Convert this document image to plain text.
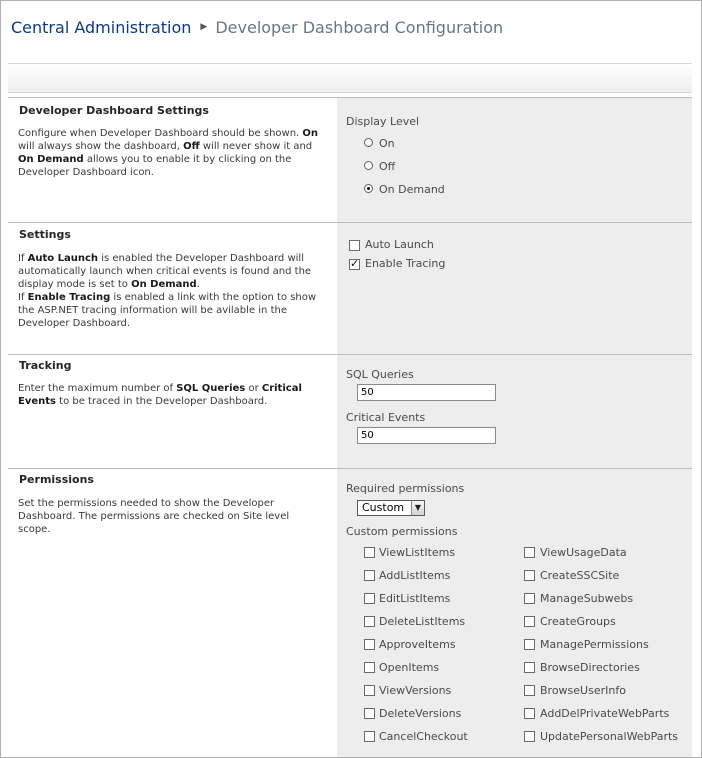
Central Administration ▶ Developer Dashboard Configuration
Developer Dashboard Settings
Configure when Developer Dashboard should be shown. On will always show the dashboard, Off will never show it and On Demand allows you to enable it by clicking on the Developer Dashboard icon.
Display Level
On
Off
On Demand
Settings
If Auto Launch is enabled the Developer Dashboard will automatically launch when critical events is found and the display mode is set to On Demand.
If Enable Tracing is enabled a link with the option to show the ASP.NET tracing information will be avilable in the Developer Dashboard.
Auto Launch
✓
Enable Tracing
Tracking
Enter the maximum number of SQL Queries or Critical Events to be traced in the Developer Dashboard.
SQL Queries
50
Critical Events
50
Permissions
Set the permissions needed to show the Developer Dashboard. The permissions are checked on Site level scope.
Required permissions
Custom	▼
Custom permissions
ViewListItems
AddListItems
EditListItems
DeleteListItems
ApproveItems
OpenItems
ViewVersions
DeleteVersions
CancelCheckout
ViewUsageData
CreateSSCSite
ManageSubwebs
CreateGroups
ManagePermissions
BrowseDirectories
BrowseUserInfo
AddDelPrivateWebParts
UpdatePersonalWebParts
